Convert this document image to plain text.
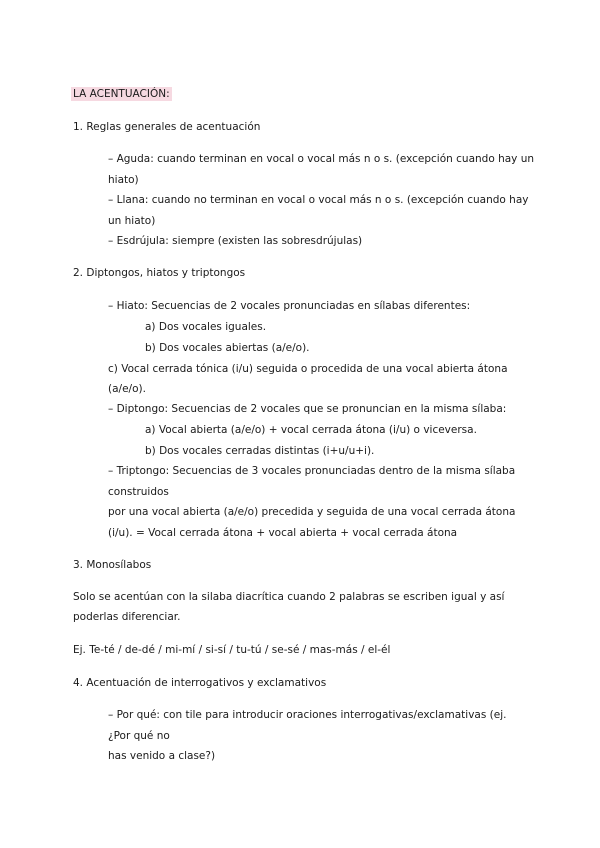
LA ACENTUACIÓN:
1. Reglas generales de acentuación
– Aguda: cuando terminan en vocal o vocal más n o s. (excepción cuando hay un
hiato)
– Llana: cuando no terminan en vocal o vocal más n o s. (excepción cuando hay
un hiato)
– Esdrújula: siempre (existen las sobresdrújulas)
2. Diptongos, hiatos y triptongos
– Hiato: Secuencias de 2 vocales pronunciadas en sílabas diferentes:
a) Dos vocales iguales.
b) Dos vocales abiertas (a/e/o).
c) Vocal cerrada tónica (i/u) seguida o procedida de una vocal abierta átona
(a/e/o).
– Diptongo: Secuencias de 2 vocales que se pronuncian en la misma sílaba:
a) Vocal abierta (a/e/o) + vocal cerrada átona (i/u) o viceversa.
b) Dos vocales cerradas distintas (i+u/u+i).
– Triptongo: Secuencias de 3 vocales pronunciadas dentro de la misma sílaba
construidos
por una vocal abierta (a/e/o) precedida y seguida de una vocal cerrada átona
(i/u). = Vocal cerrada átona + vocal abierta + vocal cerrada átona
3. Monosílabos
Solo se acentúan con la silaba diacrítica cuando 2 palabras se escriben igual y así
poderlas diferenciar.
Ej. Te-té / de-dé / mi-mí / si-sí / tu-tú / se-sé / mas-más / el-él
4. Acentuación de interrogativos y exclamativos
– Por qué: con tile para introducir oraciones interrogativas/exclamativas (ej.
¿Por qué no
has venido a clase?)
